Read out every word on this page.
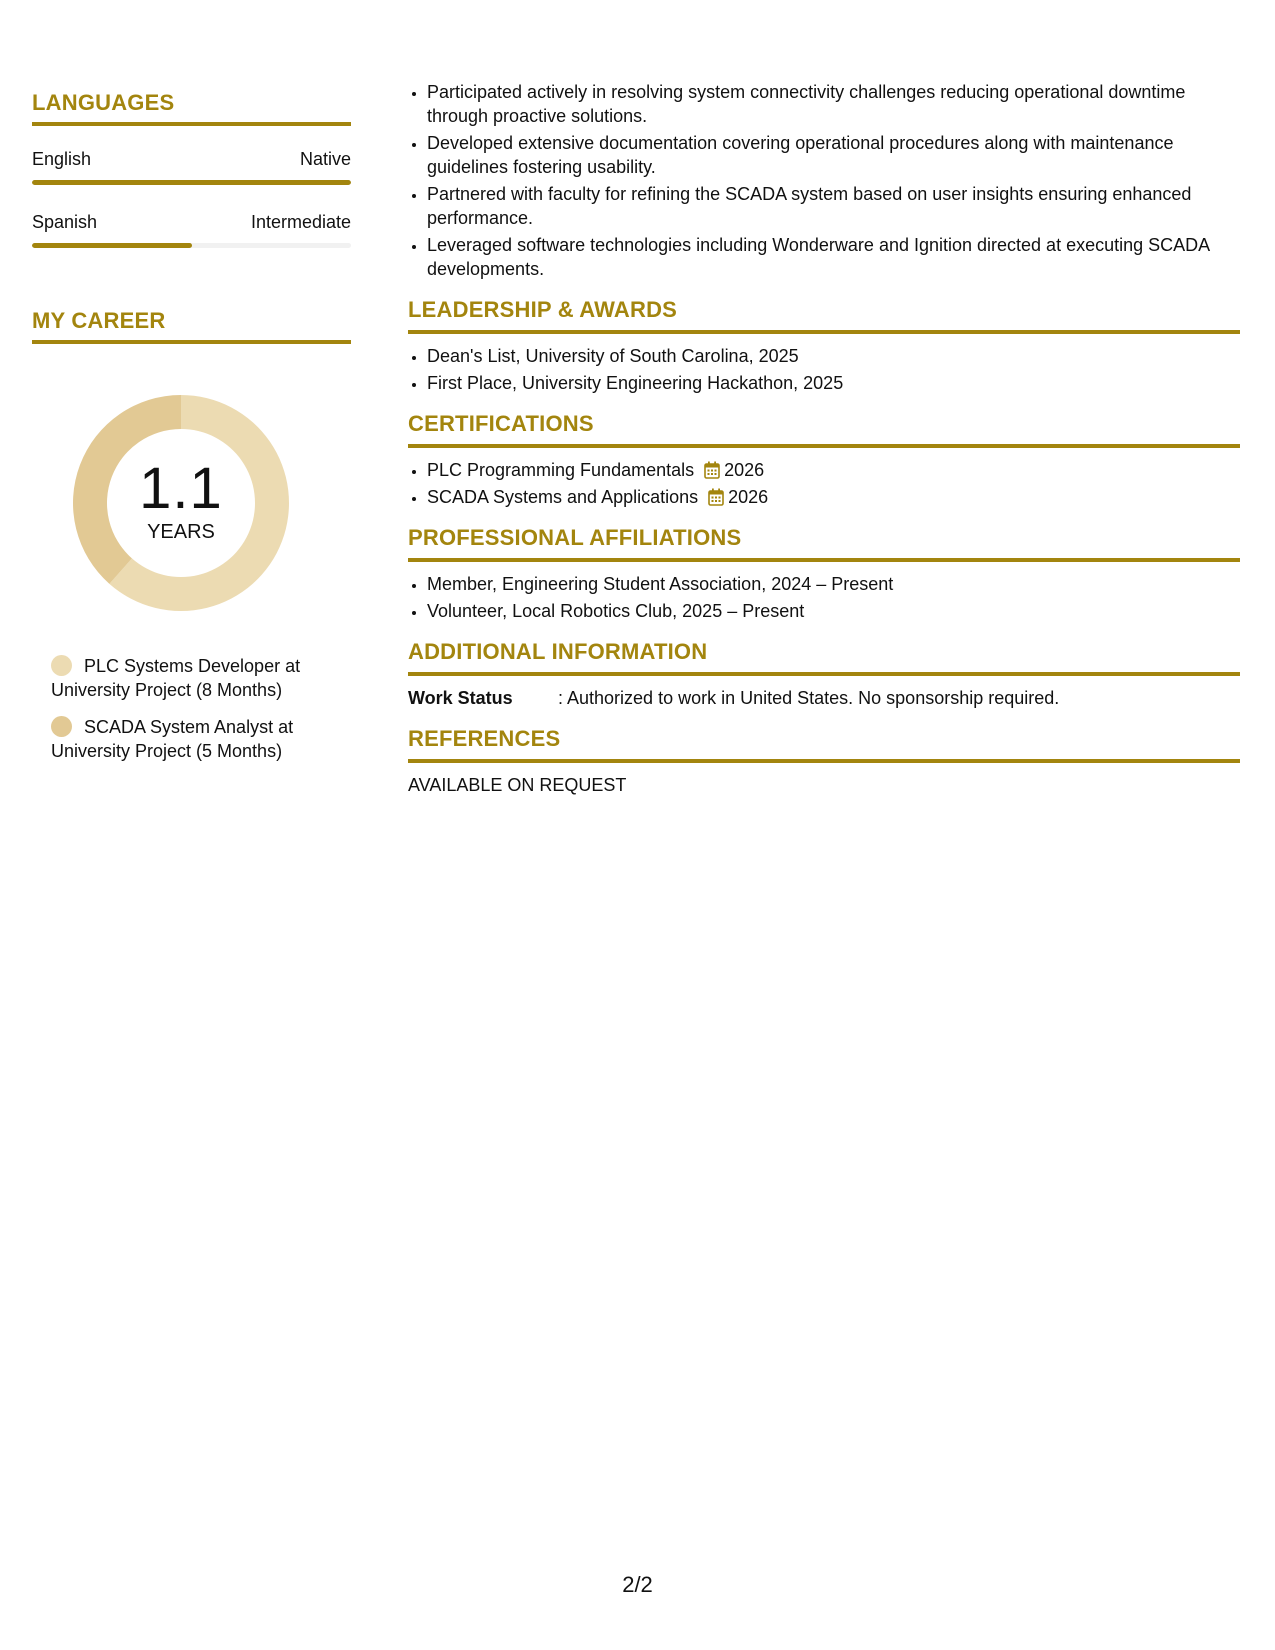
LANGUAGES
English	Native
Spanish	Intermediate
MY CAREER
1.1
YEARS
PLC Systems Developer at University Project (8 Months)
SCADA System Analyst at University Project (5 Months)
• Participated actively in resolving system connectivity challenges reducing operational downtime through proactive solutions.
• Developed extensive documentation covering operational procedures along with maintenance guidelines fostering usability.
• Partnered with faculty for refining the SCADA system based on user insights ensuring enhanced performance.
• Leveraged software technologies including Wonderware and Ignition directed at executing SCADA developments.
LEADERSHIP & AWARDS
• Dean's List, University of South Carolina, 2025
• First Place, University Engineering Hackathon, 2025
CERTIFICATIONS
• PLC Programming Fundamentals 2026
• SCADA Systems and Applications 2026
PROFESSIONAL AFFILIATIONS
• Member, Engineering Student Association, 2024 – Present
• Volunteer, Local Robotics Club, 2025 – Present
ADDITIONAL INFORMATION
Work Status	: Authorized to work in United States. No sponsorship required.
REFERENCES
AVAILABLE ON REQUEST
2/2
